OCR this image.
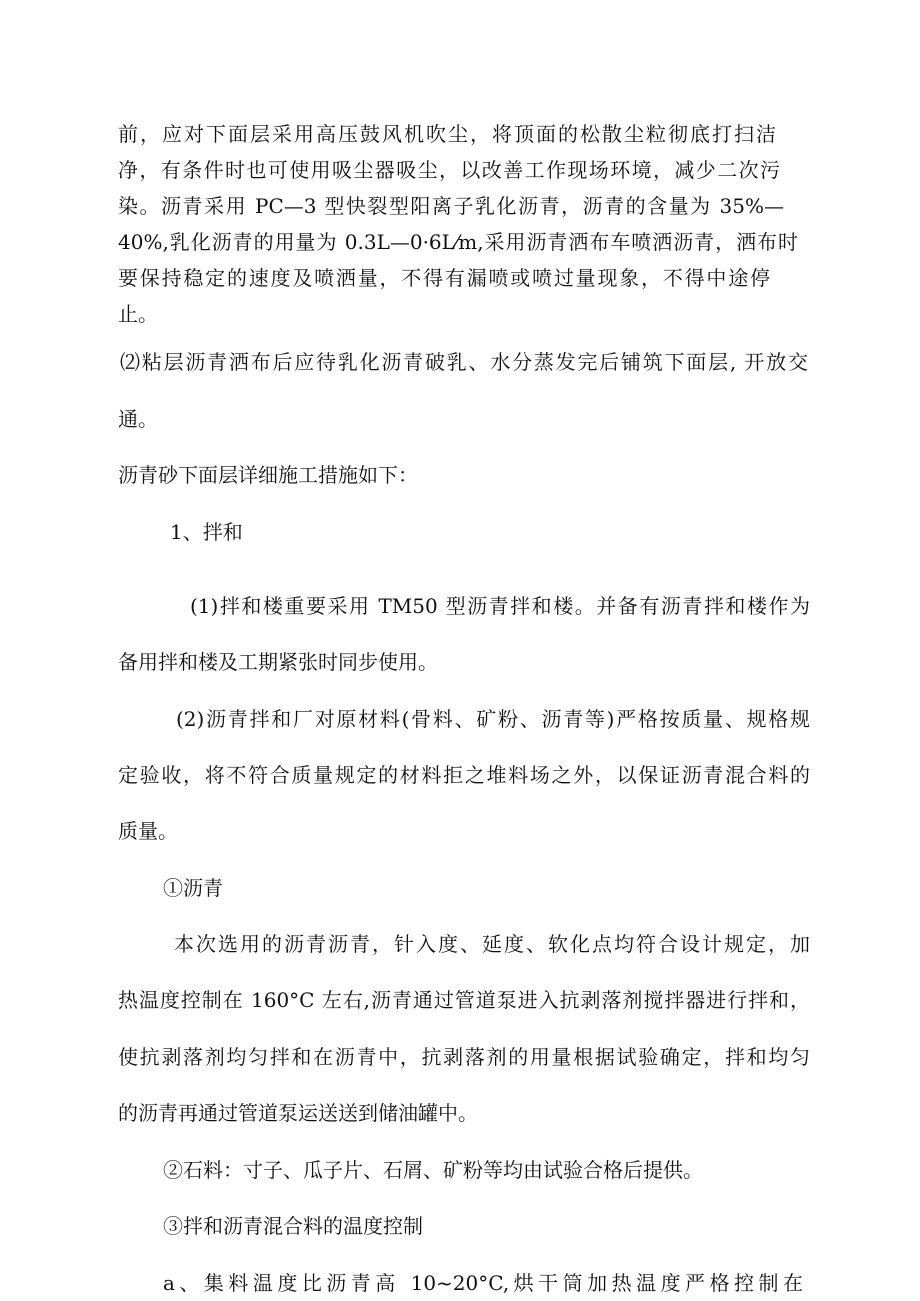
前，应对下面层采用高压鼓风机吹尘，将顶面的松散尘粒彻底打扫洁

净，有条件时也可使用吸尘器吸尘，以改善工作现场环境，减少二次污

染。沥青采用 PC—3 型快裂型阳离子乳化沥青，沥青的含量为 35%—

40%,乳化沥青的用量为 0.3L—0·6L⁄m,采用沥青洒布车喷洒沥青，洒布时

要保持稳定的速度及喷洒量，不得有漏喷或喷过量现象，不得中途停

止。

⑵粘层沥青洒布后应待乳化沥青破乳、水分蒸发完后铺筑下面层, 开放交

通。

沥青砂下面层详细施工措施如下：

1、拌和

(1)拌和楼重要采用 TM50 型沥青拌和楼。并备有沥青拌和楼作为

备用拌和楼及工期紧张时同步使用。

(2)沥青拌和厂对原材料(骨料、矿粉、沥青等)严格按质量、规格规

定验收，将不符合质量规定的材料拒之堆料场之外，以保证沥青混合料的

质量。

①沥青

本次选用的沥青沥青，针入度、延度、软化点均符合设计规定，加

热温度控制在 160°C 左右,沥青通过管道泵进入抗剥落剂搅拌器进行拌和，

使抗剥落剂均匀拌和在沥青中，抗剥落剂的用量根据试验确定，拌和均匀

的沥青再通过管道泵运送送到储油罐中。

②石料：寸子、瓜子片、石屑、矿粉等均由试验合格后提供。

③拌和沥青混合料的温度控制

a、集料温度比沥青高 10~20°C,烘干筒加热温度严格控制在
